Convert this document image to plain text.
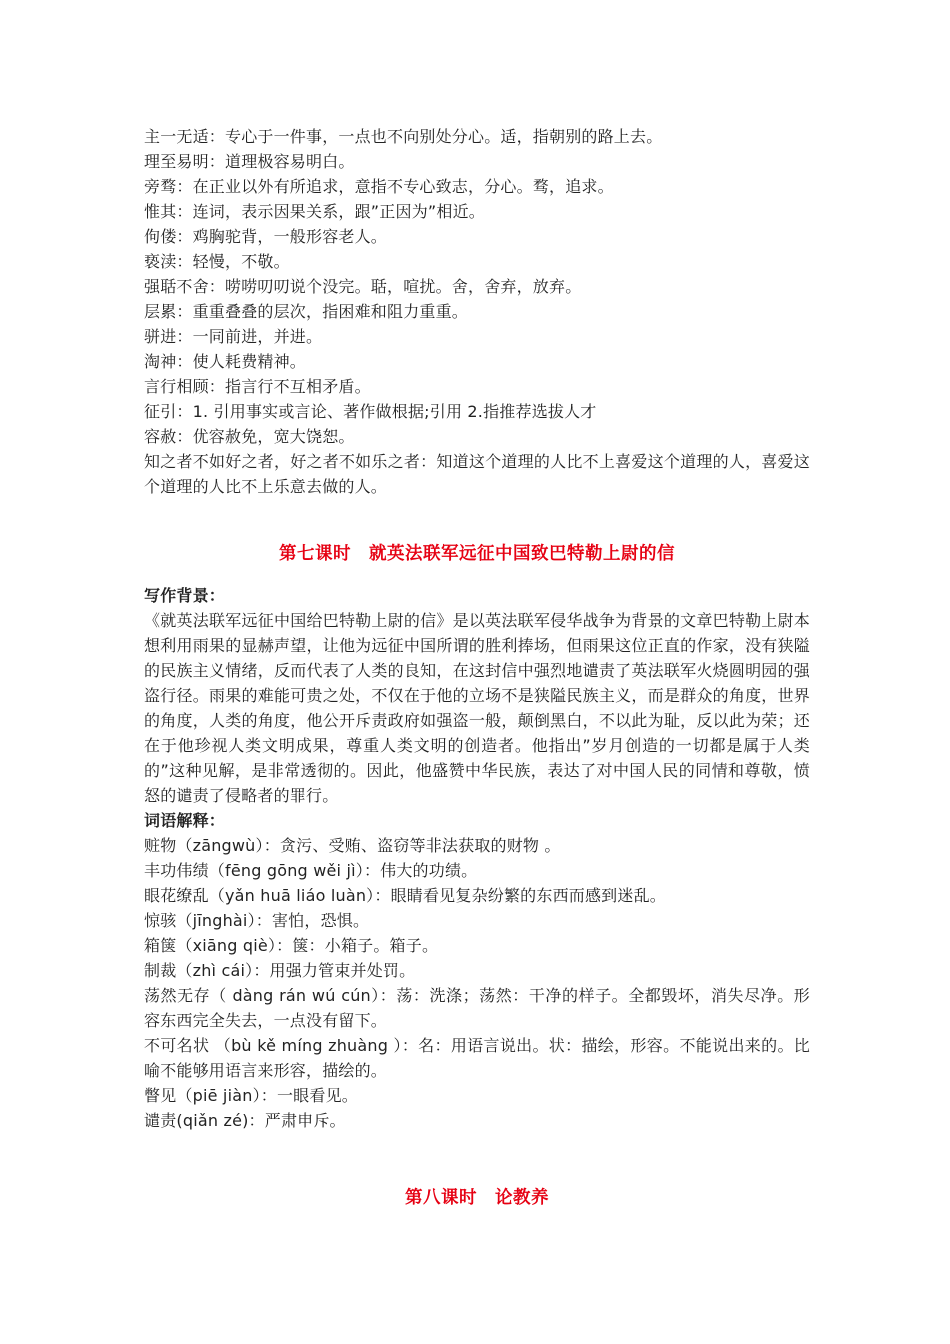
主一无适：专心于一件事，一点也不向别处分心。适，指朝别的路上去。

理至易明：道理极容易明白。

旁骛：在正业以外有所追求，意指不专心致志，分心。骛，追求。

惟其：连词，表示因果关系，跟”正因为”相近。

佝偻：鸡胸驼背，一般形容老人。

亵渎：轻慢，不敬。

强聒不舍：唠唠叨叨说个没完。聒，喧扰。舍，舍弃，放弃。

层累：重重叠叠的层次，指困难和阻力重重。

骈进：一同前进，并进。

淘神：使人耗费精神。

言行相顾：指言行不互相矛盾。

征引：1. 引用事实或言论、著作做根据;引用 2.指推荐选拔人才

容赦：优容赦免，宽大饶恕。

知之者不如好之者，好之者不如乐之者：知道这个道理的人比不上喜爱这个道理的人，喜爱这个道理的人比不上乐意去做的人。

第七课时　就英法联军远征中国致巴特勒上尉的信

写作背景：

《就英法联军远征中国给巴特勒上尉的信》是以英法联军侵华战争为背景的文章巴特勒上尉本想利用雨果的显赫声望，让他为远征中国所谓的胜利捧场，但雨果这位正直的作家，没有狭隘的民族主义情绪，反而代表了人类的良知，在这封信中强烈地谴责了英法联军火烧圆明园的强盗行径。雨果的难能可贵之处，不仅在于他的立场不是狭隘民族主义，而是群众的角度，世界的角度，人类的角度，他公开斥责政府如强盗一般，颠倒黑白，不以此为耻，反以此为荣；还在于他珍视人类文明成果，尊重人类文明的创造者。他指出”岁月创造的一切都是属于人类的”这种见解，是非常透彻的。因此，他盛赞中华民族，表达了对中国人民的同情和尊敬，愤怒的谴责了侵略者的罪行。

词语解释：

赃物（zāngwù）：贪污、受贿、盗窃等非法获取的财物 。

丰功伟绩（fēng gōng wěi jì）：伟大的功绩。

眼花缭乱（yǎn huā liáo luàn）：眼睛看见复杂纷繁的东西而感到迷乱。

惊骇（jīnghài）：害怕，恐惧。

箱箧（xiāng qiè）：箧：小箱子。箱子。

制裁（zhì cái）：用强力管束并处罚。

荡然无存（ dàng rán wú cún）：荡：洗涤；荡然：干净的样子。全都毁坏，消失尽净。形容东西完全失去，一点没有留下。

不可名状 （bù kě míng zhuàng ）：名：用语言说出。状：描绘，形容。不能说出来的。比喻不能够用语言来形容，描绘的。

瞥见（piē jiàn）：一眼看见。

谴责(qiǎn zé)：严肃申斥。

第八课时　论教养
